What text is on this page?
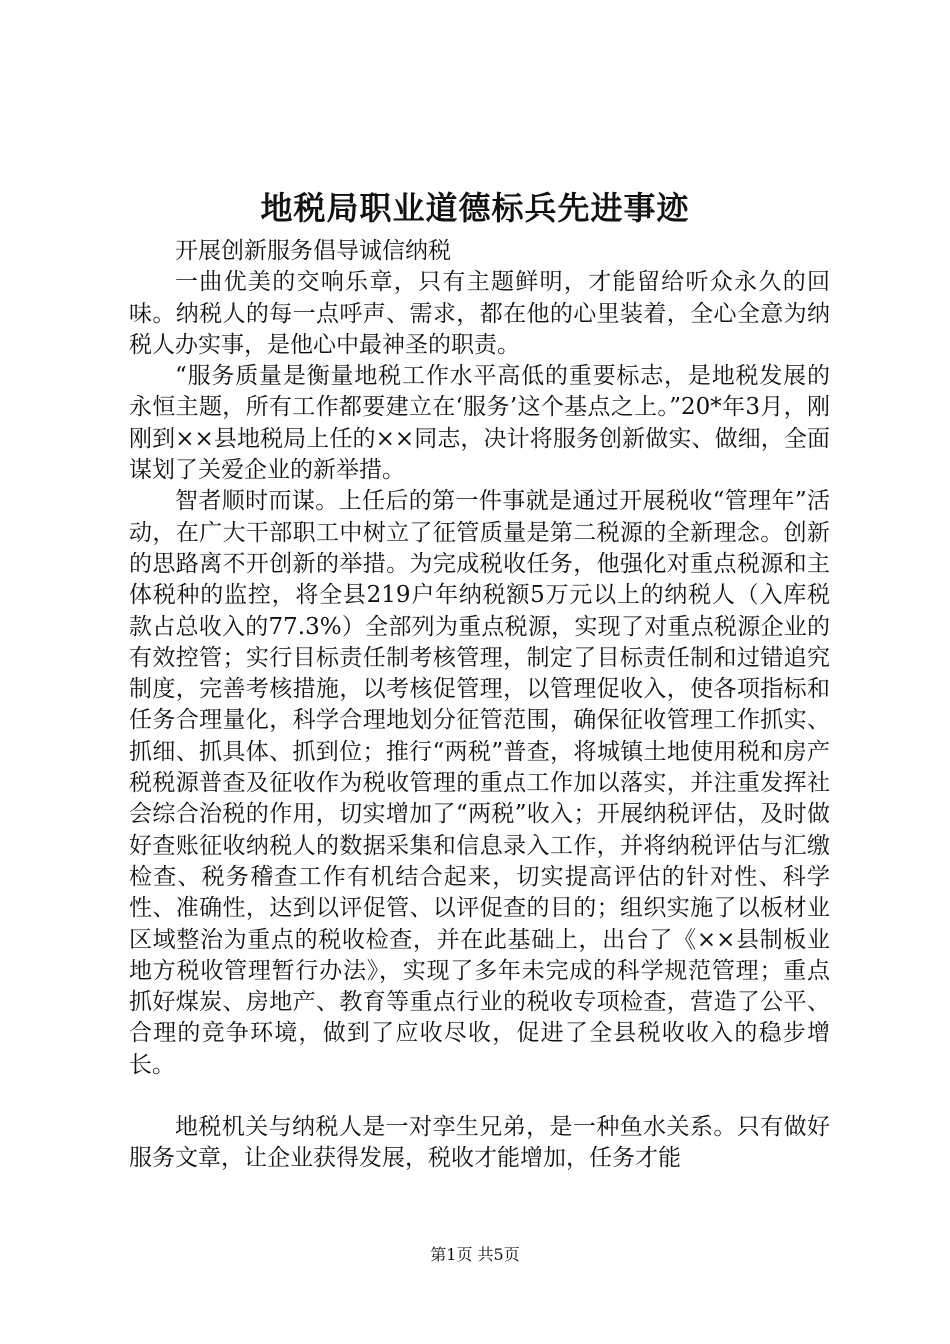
地税局职业道德标兵先进事迹

开展创新服务倡导诚信纳税

一曲优美的交响乐章，只有主题鲜明，才能留给听众永久的回味。纳税人的每一点呼声、需求，都在他的心里装着，全心全意为纳税人办实事，是他心中最神圣的职责。

“服务质量是衡量地税工作水平高低的重要标志，是地税发展的永恒主题，所有工作都要建立在‘服务’这个基点之上。”20*年3月，刚刚到××县地税局上任的××同志，决计将服务创新做实、做细，全面谋划了关爱企业的新举措。

智者顺时而谋。上任后的第一件事就是通过开展税收“管理年”活动，在广大干部职工中树立了征管质量是第二税源的全新理念。创新的思路离不开创新的举措。为完成税收任务，他强化对重点税源和主体税种的监控，将全县219户年纳税额5万元以上的纳税人（入库税款占总收入的77.3%）全部列为重点税源，实现了对重点税源企业的有效控管；实行目标责任制考核管理，制定了目标责任制和过错追究制度，完善考核措施，以考核促管理，以管理促收入，使各项指标和任务合理量化，科学合理地划分征管范围，确保征收管理工作抓实、抓细、抓具体、抓到位；推行“两税”普查，将城镇土地使用税和房产税税源普查及征收作为税收管理的重点工作加以落实，并注重发挥社会综合治税的作用，切实增加了“两税”收入；开展纳税评估，及时做好查账征收纳税人的数据采集和信息录入工作，并将纳税评估与汇缴检查、税务稽查工作有机结合起来，切实提高评估的针对性、科学性、准确性，达到以评促管、以评促查的目的；组织实施了以板材业区域整治为重点的税收检查，并在此基础上，出台了《××县制板业地方税收管理暂行办法》，实现了多年未完成的科学规范管理；重点抓好煤炭、房地产、教育等重点行业的税收专项检查，营造了公平、合理的竞争环境，做到了应收尽收，促进了全县税收收入的稳步增长。

地税机关与纳税人是一对孪生兄弟，是一种鱼水关系。只有做好服务文章，让企业获得发展，税收才能增加，任务才能

第1页 共5页
